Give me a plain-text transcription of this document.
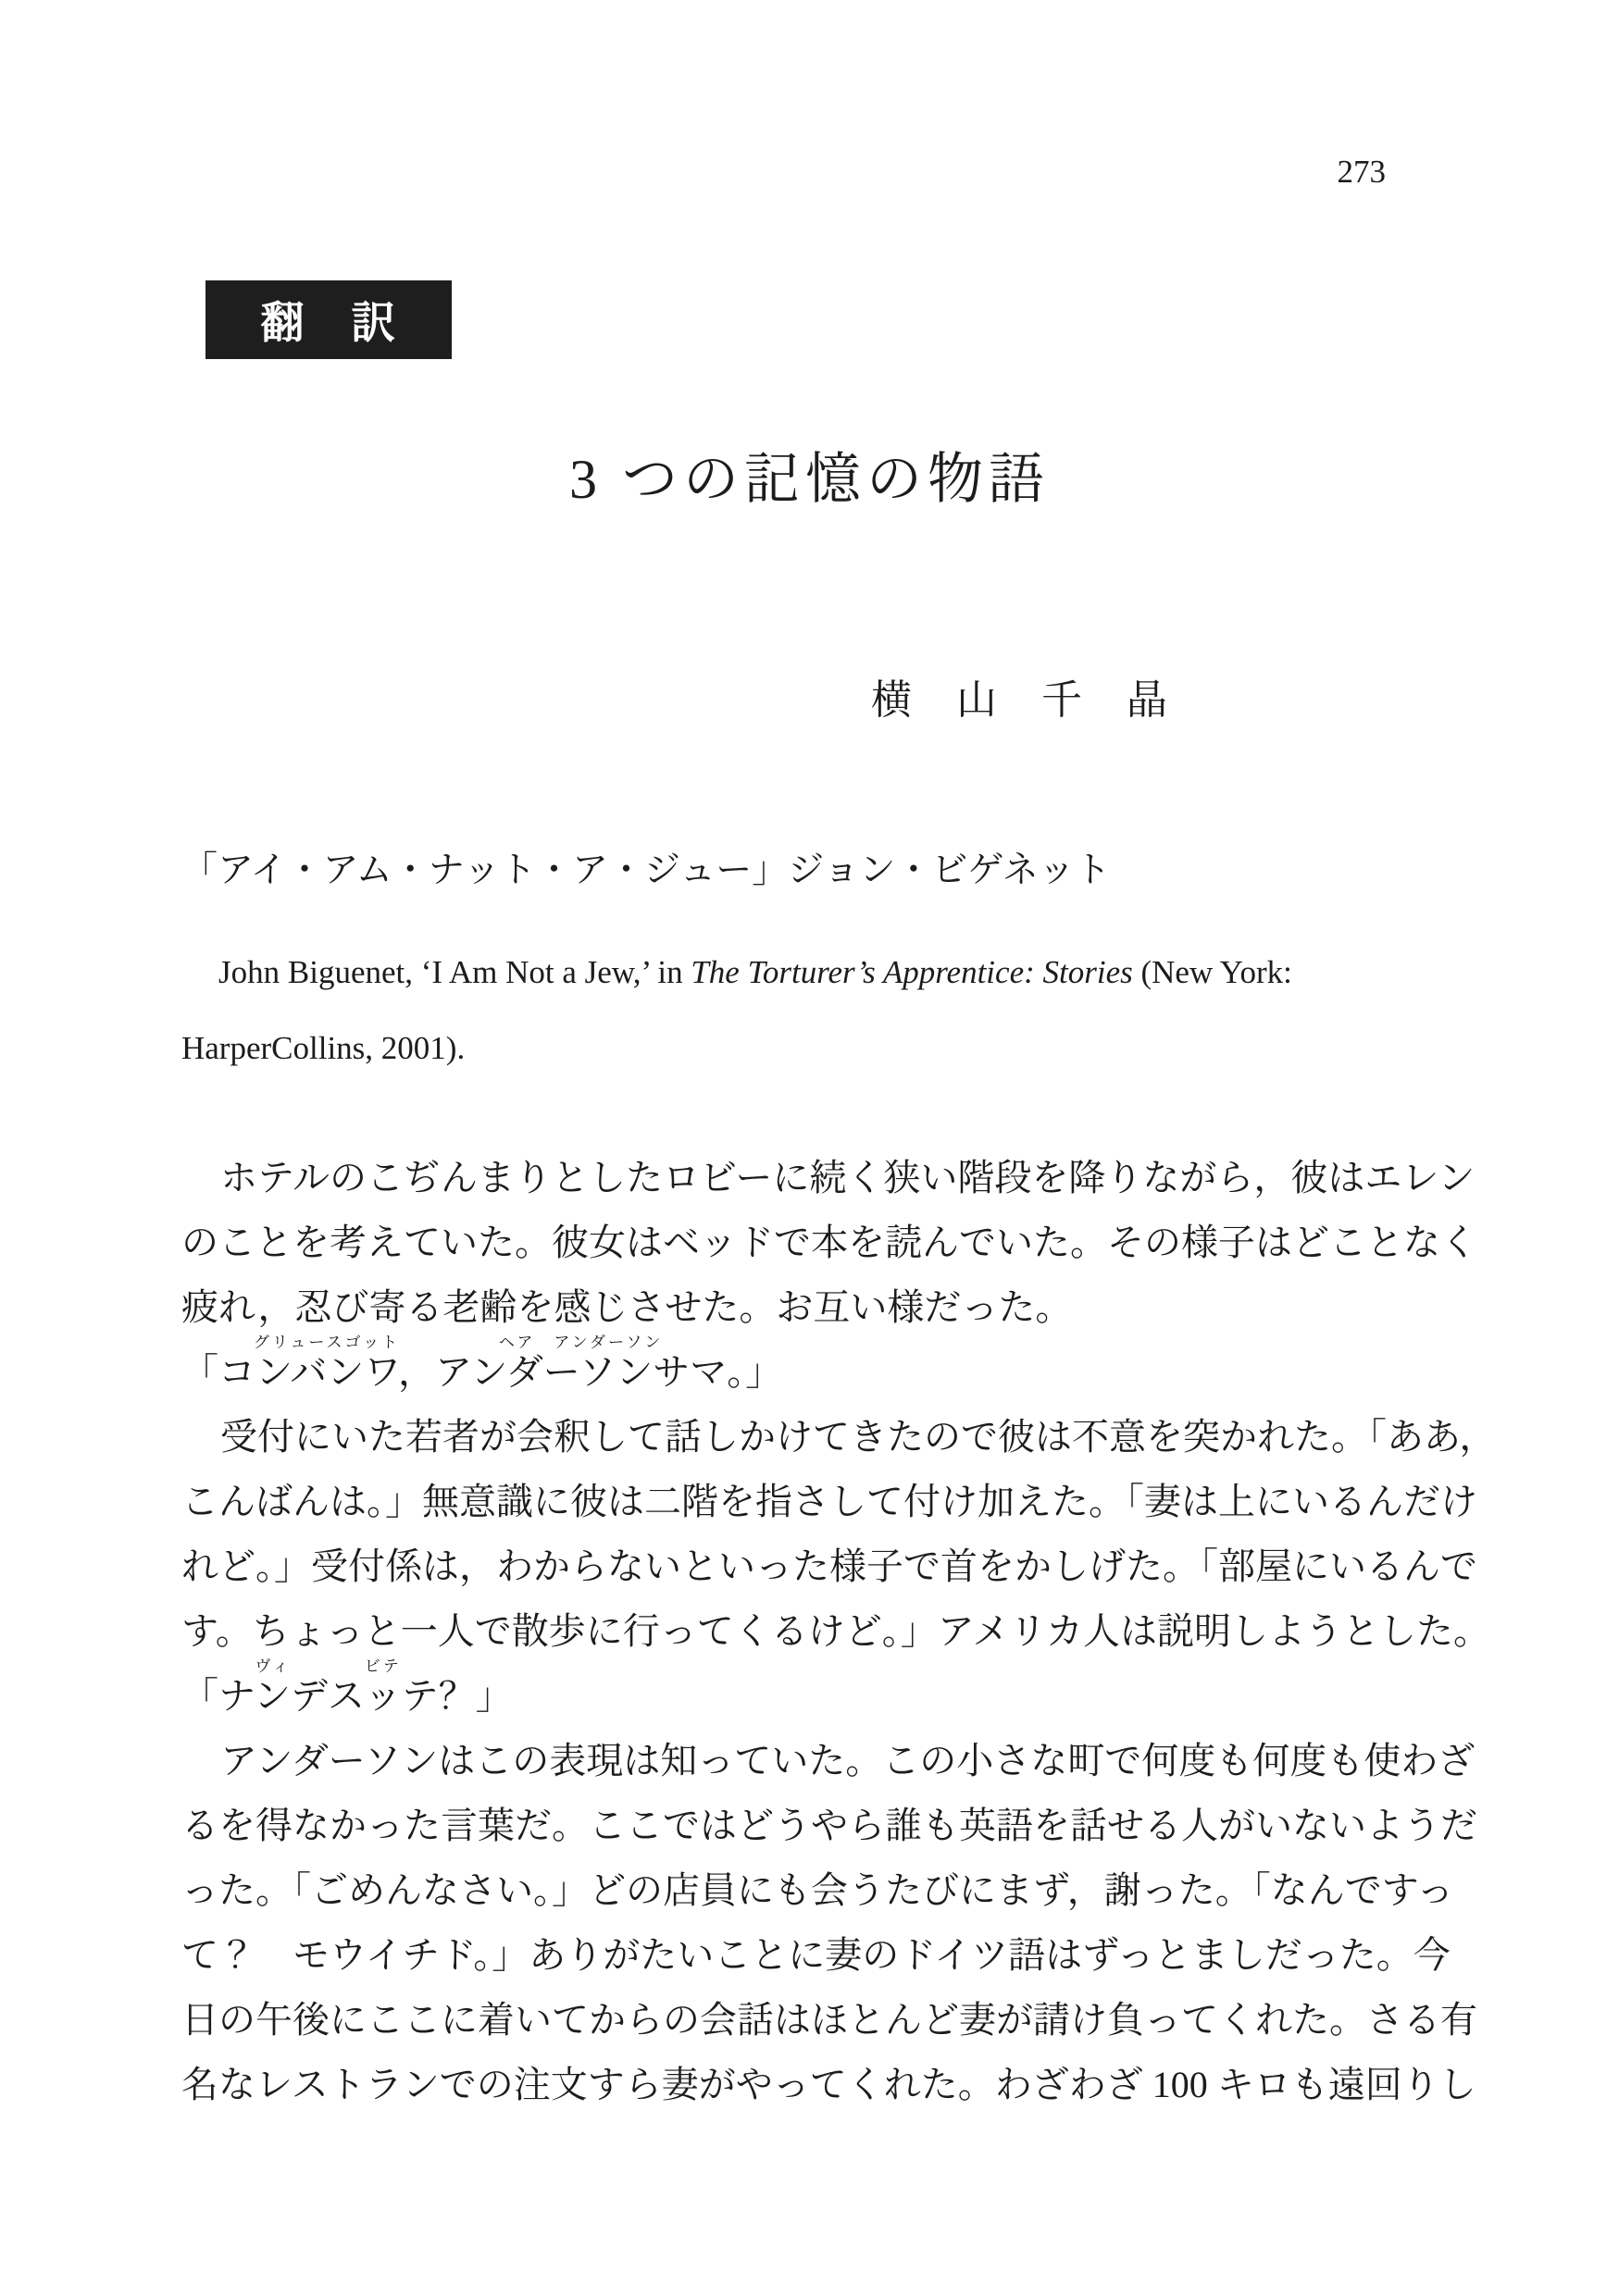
273
翻　訳
3 つの記憶の物語
横　山　千　晶
「アイ・アム・ナット・ア・ジュー」ジョン・ビゲネット
John Biguenet, ‘I Am Not a Jew,’ in The Torturer’s Apprentice: Stories (New York:
HarperCollins, 2001).
ホテルのこぢんまりとしたロビーに続く狭い階段を降りながら，彼はエレン
のことを考えていた。彼女はベッドで本を読んでいた。その様子はどことなく
疲れ，忍び寄る老齢を感じさせた。お互い様だった。
「コンバンワ，
グリュースゴット
アンダーソンサマ
ヘア　アンダーソン
。」
受付にいた若者が会釈して話しかけてきたので彼は不意を突かれた。「ああ，
こんばんは。」無意識に彼は二階を指さして付け加えた。「妻は上にいるんだけ
れど。」受付係は，わからないといった様子で首をかしげた。「部屋にいるんで
す。ちょっと一人で散歩に行ってくるけど。」アメリカ人は説明しようとした。
「ナンデ
ヴィ
スッテ
ビテ
？」
アンダーソンはこの表現は知っていた。この小さな町で何度も何度も使わざ
るを得なかった言葉だ。ここではどうやら誰も英語を話せる人がいないようだ
った。「ごめんなさい。」どの店員にも会うたびにまず，謝った。「なんですっ
て？　モウイチド。」ありがたいことに妻のドイツ語はずっとましだった。今
日の午後にここに着いてからの会話はほとんど妻が請け負ってくれた。さる有
名なレストランでの注文すら妻がやってくれた。わざわざ 100 キロも遠回りし
